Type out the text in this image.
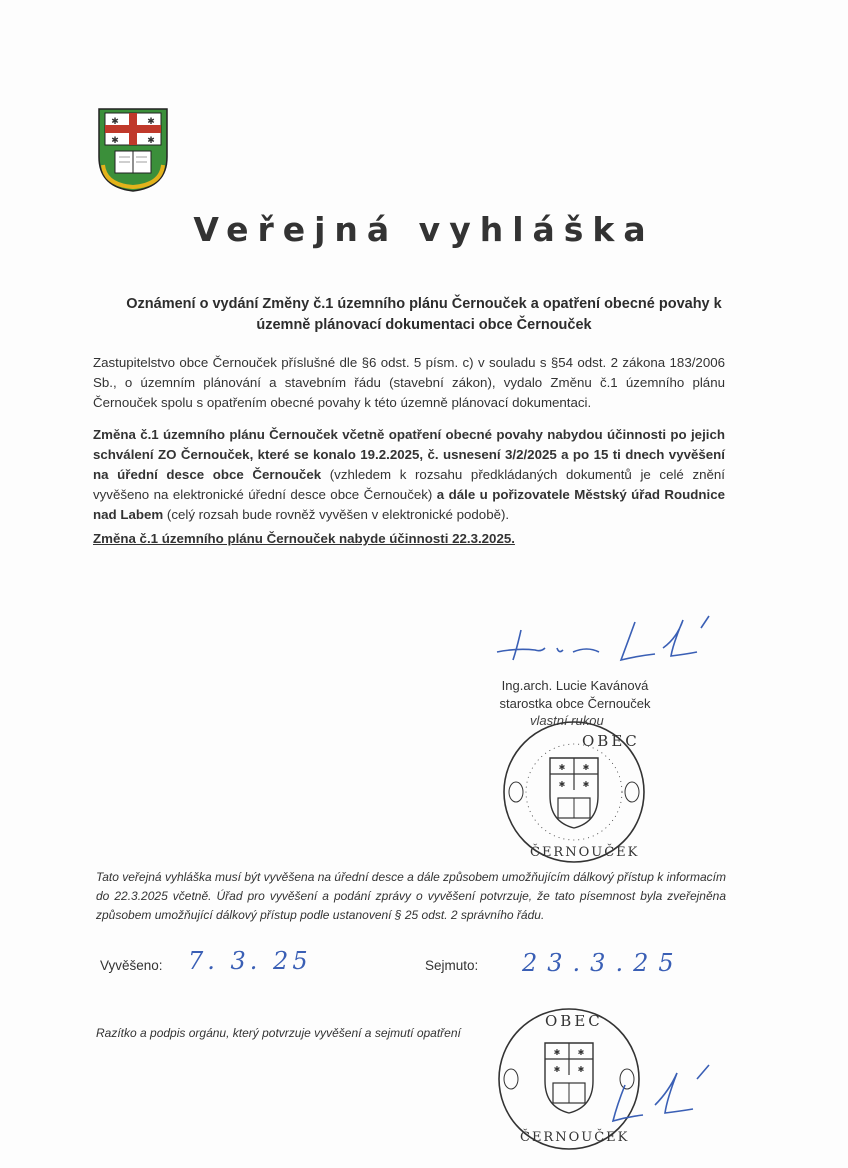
✱	✱
✱	✱
Veřejná vyhláška
Oznámení o vydání Změny č.1 územního plánu Černouček a opatření obecné povahy k
územně plánovací dokumentaci obce Černouček
Zastupitelstvo obce Černouček příslušné dle §6 odst. 5 písm. c) v souladu s §54 odst. 2 zákona 183/2006 Sb., o územním plánování a stavebním řádu (stavební zákon), vydalo Změnu č.1 územního plánu Černouček spolu s opatřením obecné povahy k této územně plánovací dokumentaci.
Změna č.1 územního plánu Černouček včetně opatření obecné povahy nabydou účinnosti po jejich schválení ZO Černouček, které se konalo 19.2.2025, č. usnesení 3/2/2025 a po 15 ti dnech vyvěšení na úřední desce obce Černouček (vzhledem k rozsahu předkládaných dokumentů je celé znění vyvěšeno na elektronické úřední desce obce Černouček) a dále u pořizovatele Městský úřad Roudnice nad Labem (celý rozsah bude rovněž vyvěšen v elektronické podobě).
Změna č.1 územního plánu Černouček nabyde účinnosti 22.3.2025.
Ing.arch. Lucie Kavánová
starostka obce Černouček
vlastní rukou
✱ ✱
✱ ✱
OBEC
ČERNOUČEK
Tato veřejná vyhláška musí být vyvěšena na úřední desce a dále způsobem umožňujícím dálkový přístup k informacím do 22.3.2025 včetně. Úřad pro vyvěšení a podání zprávy o vyvěšení potvrzuje, že tato písemnost byla zveřejněna způsobem umožňující dálkový přístup podle ustanovení § 25 odst. 2 správního řádu.
Vyvěšeno: 7. 3. 25	Sejmuto: 23.3.25
Razítko a podpis orgánu, který potvrzuje vyvěšení a sejmutí opatření
✱ ✱
✱ ✱
OBEC
ČERNOUČEK
